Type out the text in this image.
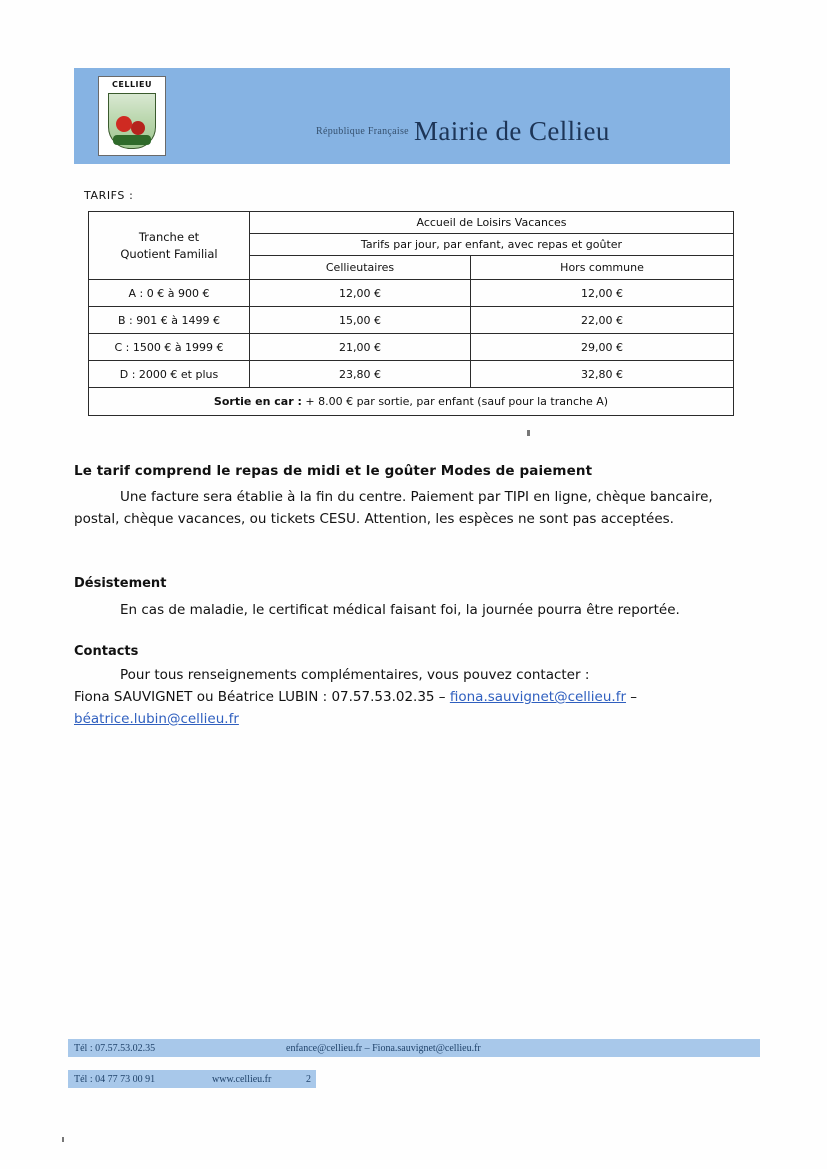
CELLIEU
République Française Mairie de Cellieu
TARIFS :
Tranche et
Quotient Familial	Accueil de Loisirs Vacances	
	Tarifs par jour, par enfant, avec repas et goûter	
	Cellieutaires	Hors commune
A : 0 € à 900 €	12,00 €	12,00 €
B : 901 € à 1499 €	15,00 €	22,00 €
C : 1500 € à 1999 €	21,00 €	29,00 €
D : 2000 € et plus	23,80 €	32,80 €
Sortie en car : + 8.00 € par sortie, par enfant (sauf pour la tranche A)		
Le tarif comprend le repas de midi et le goûter Modes de paiement
Une facture sera établie à la fin du centre. Paiement par TIPI en ligne, chèque bancaire, postal, chèque vacances, ou tickets CESU. Attention, les espèces ne sont pas acceptées.
Désistement
En cas de maladie, le certificat médical faisant foi, la journée pourra être reportée.
Contacts
Pour tous renseignements complémentaires, vous pouvez contacter :
Fiona SAUVIGNET ou Béatrice LUBIN : 07.57.53.02.35 – fiona.sauvignet@cellieu.fr –
béatrice.lubin@cellieu.fr
Tél : 07.57.53.02.35	enfance@cellieu.fr – Fiona.sauvignet@cellieu.fr
Tél : 04 77 73 00 91	www.cellieu.fr	2
